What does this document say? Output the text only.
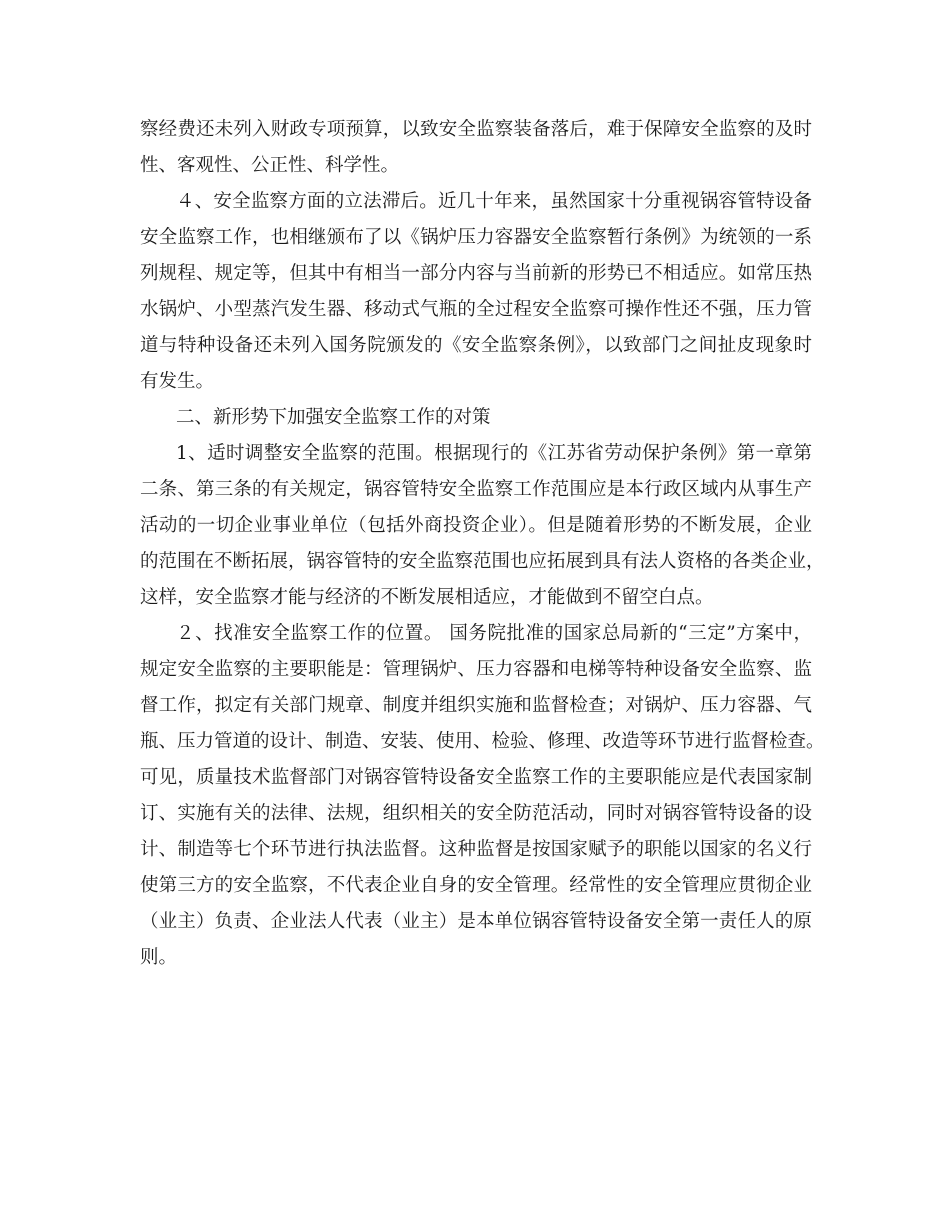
察经费还未列入财政专项预算，以致安全监察装备落后，难于保障安全监察的及时
性、客观性、公正性、科学性。
４、安全监察方面的立法滞后。近几十年来，虽然国家十分重视锅容管特设备
安全监察工作，也相继颁布了以《锅炉压力容器安全监察暂行条例》为统领的一系
列规程、规定等，但其中有相当一部分内容与当前新的形势已不相适应。如常压热
水锅炉、小型蒸汽发生器、移动式气瓶的全过程安全监察可操作性还不强，压力管
道与特种设备还未列入国务院颁发的《安全监察条例》，以致部门之间扯皮现象时
有发生。
二、新形势下加强安全监察工作的对策
1、适时调整安全监察的范围。根据现行的《江苏省劳动保护条例》第一章第
二条、第三条的有关规定，锅容管特安全监察工作范围应是本行政区域内从事生产
活动的一切企业事业单位（包括外商投资企业）。但是随着形势的不断发展，企业
的范围在不断拓展，锅容管特的安全监察范围也应拓展到具有法人资格的各类企业，
这样，安全监察才能与经济的不断发展相适应，才能做到不留空白点。
２、找准安全监察工作的位置。 国务院批准的国家总局新的“三定”方案中，
规定安全监察的主要职能是：管理锅炉、压力容器和电梯等特种设备安全监察、监
督工作，拟定有关部门规章、制度并组织实施和监督检查；对锅炉、压力容器、气
瓶、压力管道的设计、制造、安装、使用、检验、修理、改造等环节进行监督检查。
可见，质量技术监督部门对锅容管特设备安全监察工作的主要职能应是代表国家制
订、实施有关的法律、法规，组织相关的安全防范活动，同时对锅容管特设备的设
计、制造等七个环节进行执法监督。这种监督是按国家赋予的职能以国家的名义行
使第三方的安全监察，不代表企业自身的安全管理。经常性的安全管理应贯彻企业
（业主）负责、企业法人代表（业主）是本单位锅容管特设备安全第一责任人的原
则。
